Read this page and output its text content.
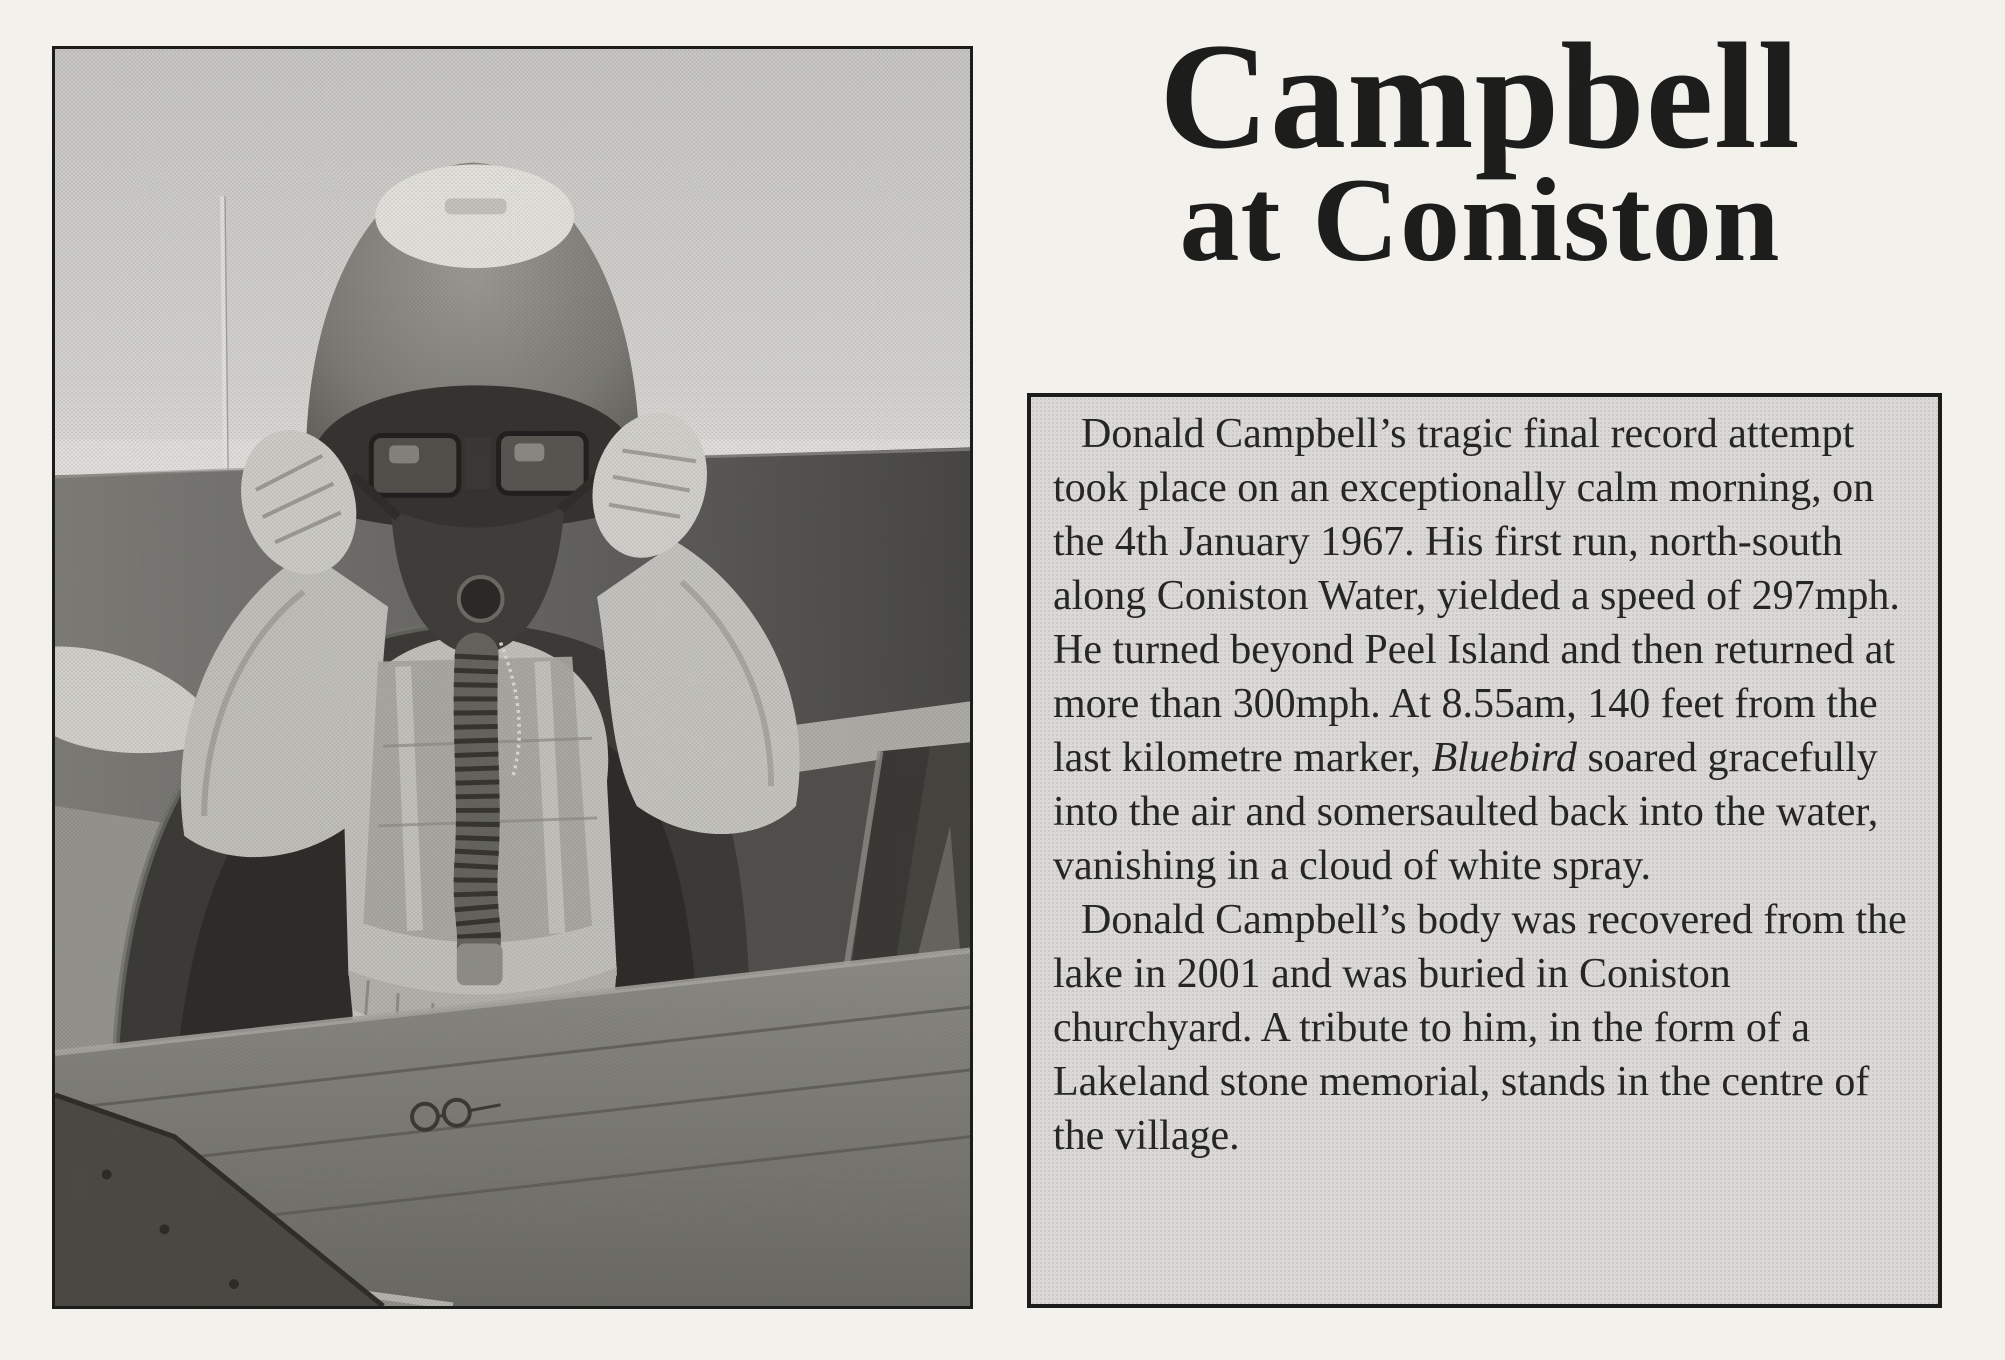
Campbell
at Coniston

Donald Campbell’s tragic final record attempt took place on an exceptionally calm morning, on the 4th January 1967. His first run, north-south along Coniston Water, yielded a speed of 297mph. He turned beyond Peel Island and then returned at more than 300mph. At 8.55am, 140 feet from the last kilometre marker, Bluebird soared gracefully into the air and somersaulted back into the water, vanishing in a cloud of white spray.

Donald Campbell’s body was recovered from the lake in 2001 and was buried in Coniston churchyard. A tribute to him, in the form of a Lakeland stone memorial, stands in the centre of the village.
